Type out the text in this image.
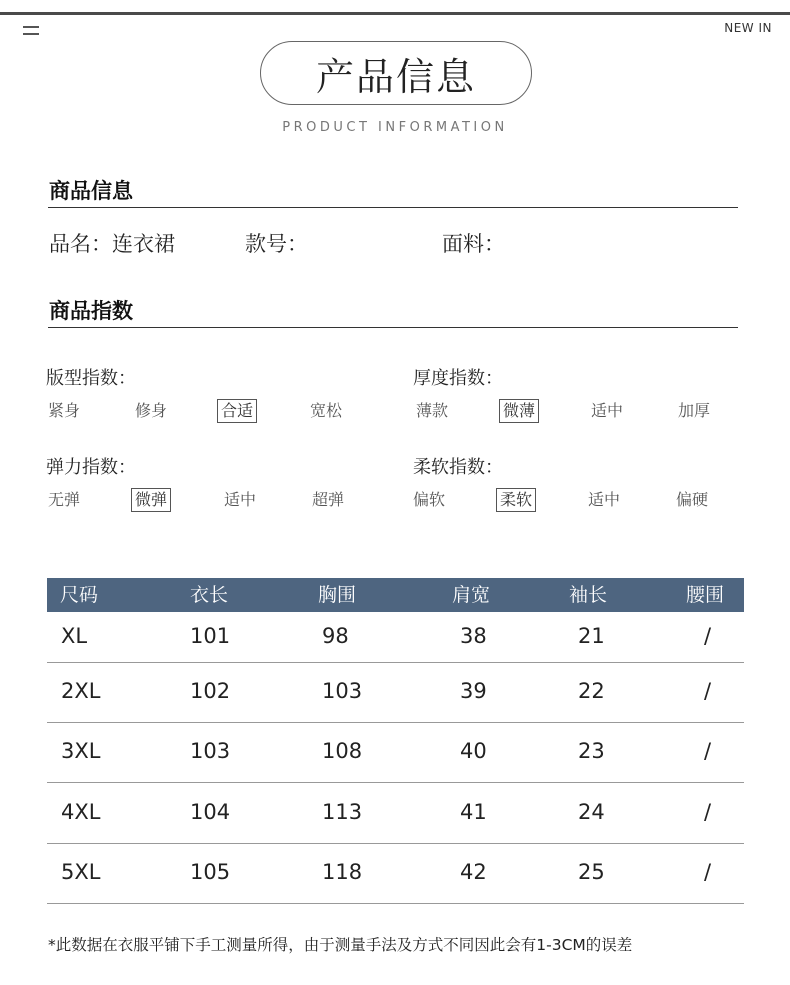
NEW IN
产品信息
PRODUCT INFORMATION
商品信息
品名：连衣裙	款号：	面料：
商品指数
版型指数：
紧身	修身	合适	宽松
厚度指数：
薄款	微薄	适中	加厚
弹力指数：
无弹	微弹	适中	超弹
柔软指数：
偏软	柔软	适中	偏硬
尺码	衣长	胸围	肩宽	袖长	腰围
XL	101	98	38	21	/
2XL	102	103	39	22	/
3XL	103	108	40	23	/
4XL	104	113	41	24	/
5XL	105	118	42	25	/
*此数据在衣服平铺下手工测量所得，由于测量手法及方式不同因此会有1-3CM的误差
